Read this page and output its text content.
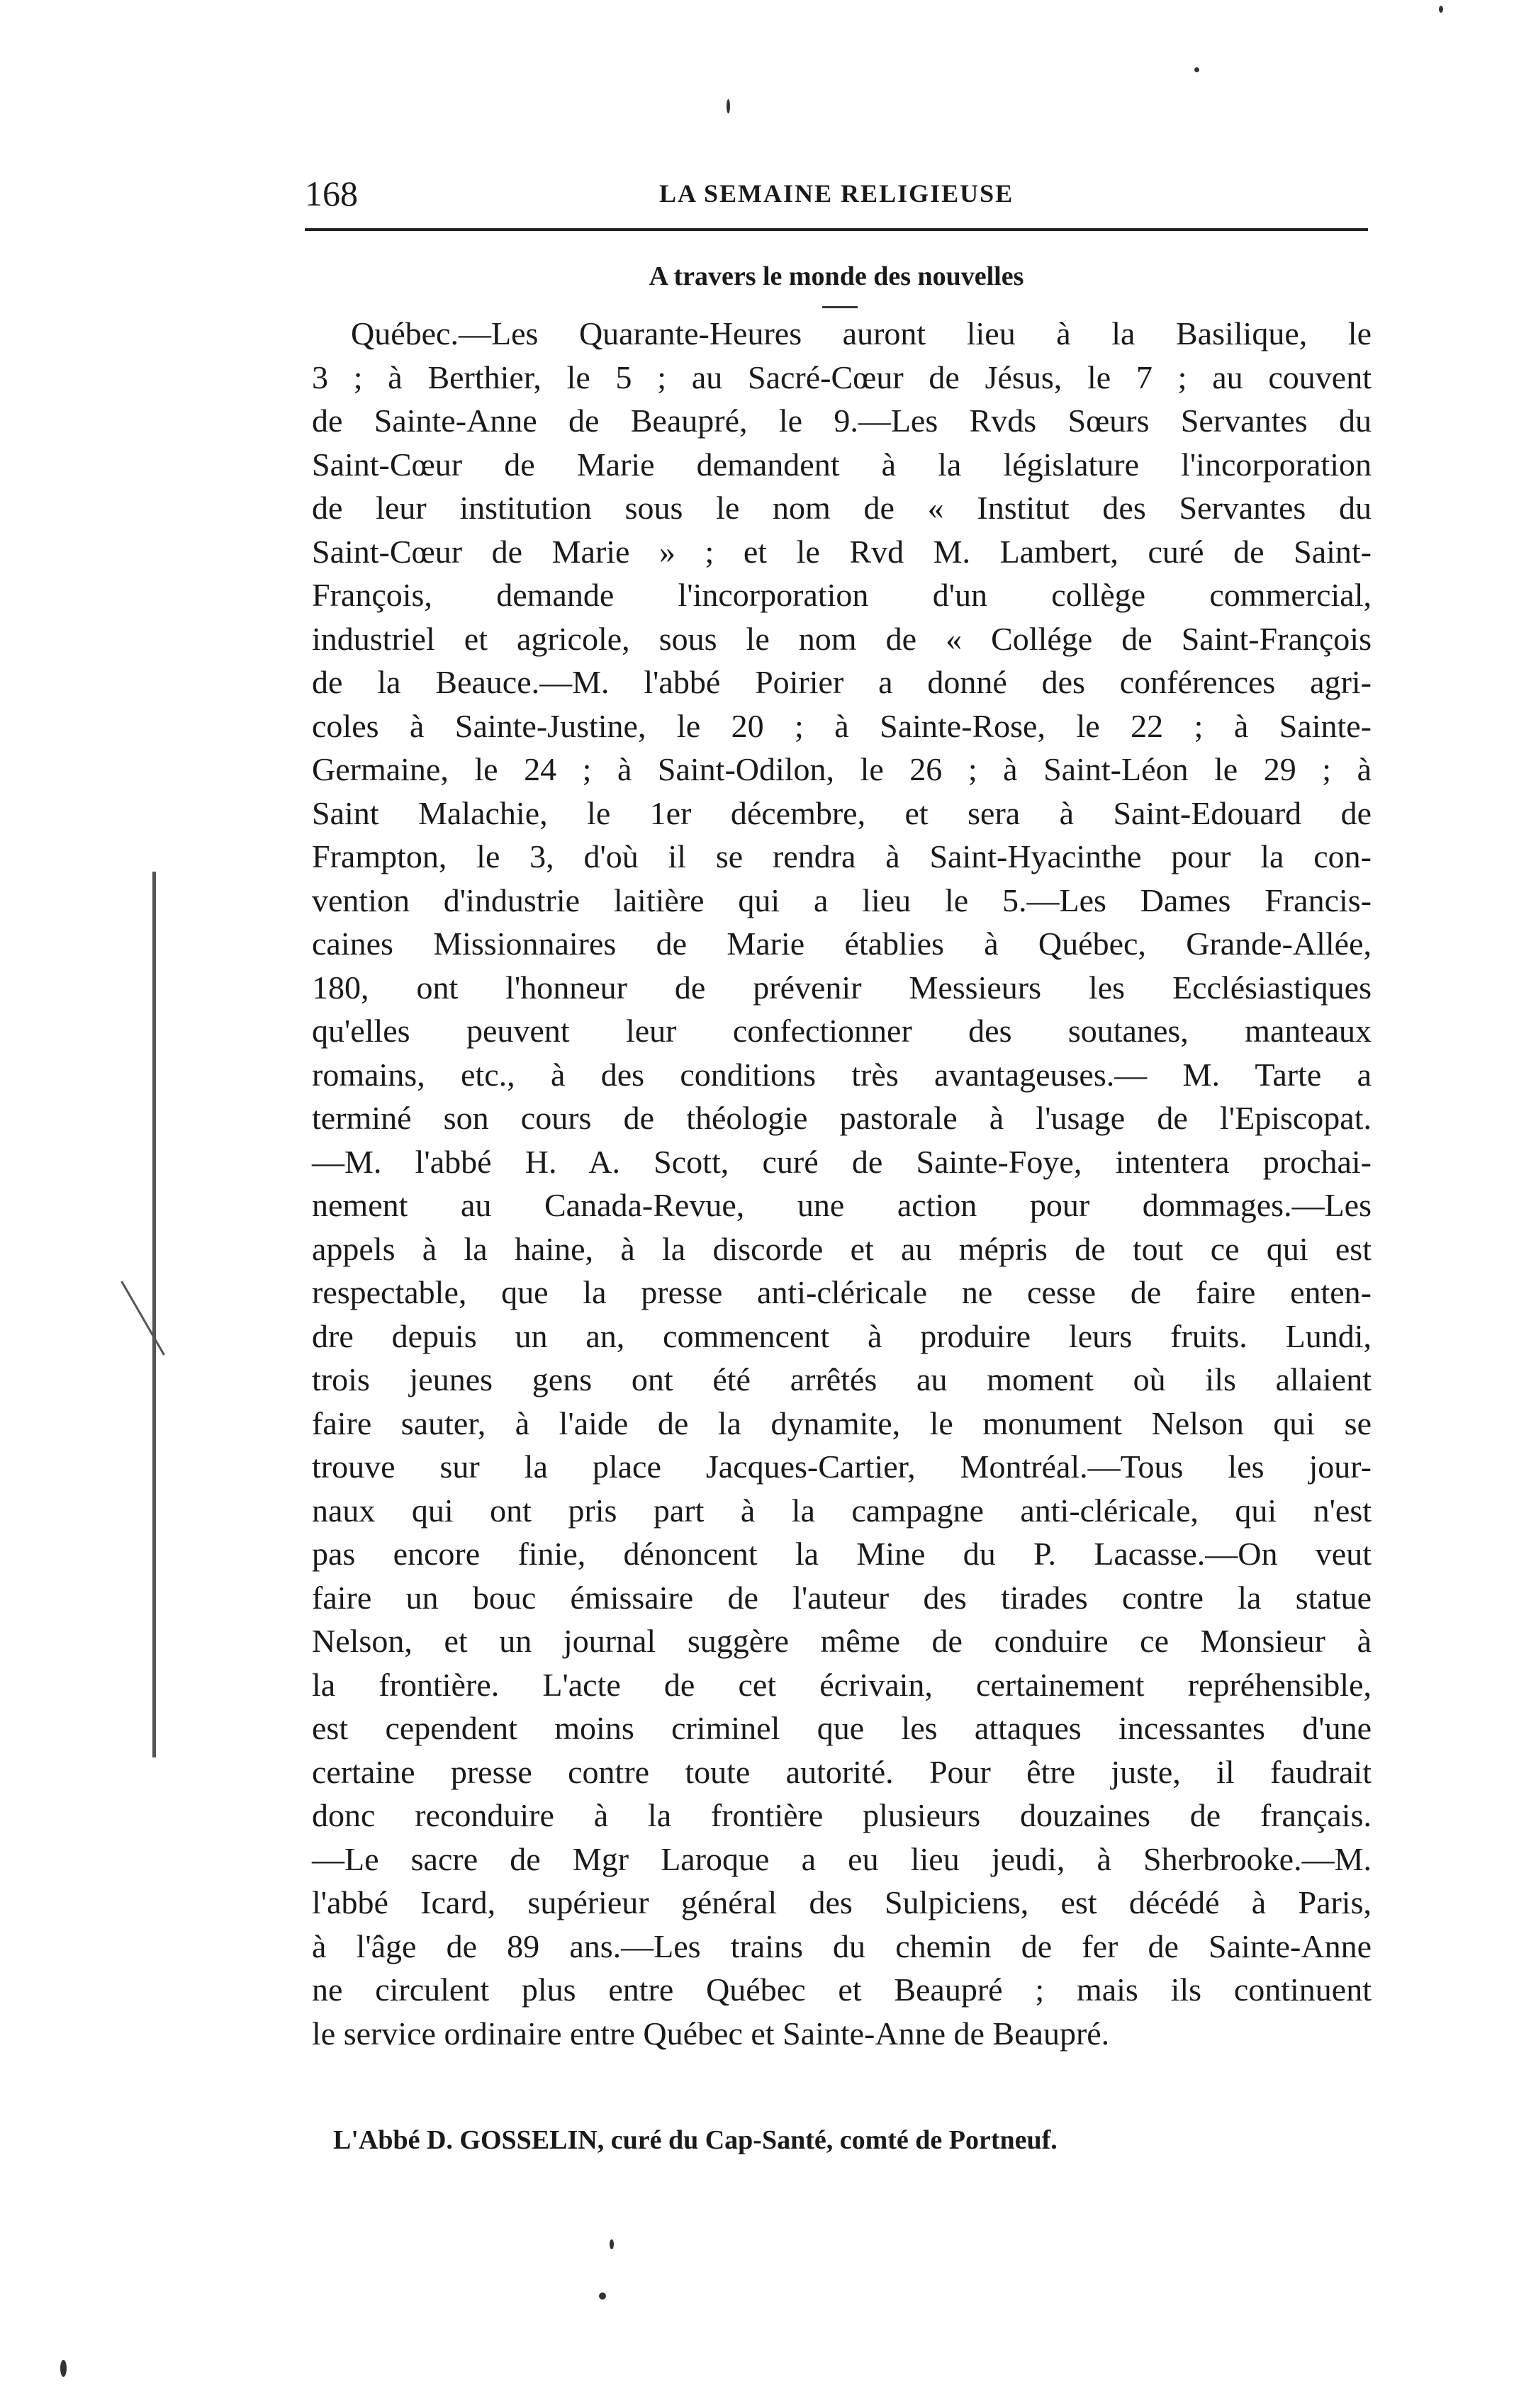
168	LA SEMAINE RELIGIEUSE
A travers le monde des nouvelles
Québec.—Les Quarante-Heures auront lieu à la Basilique, le
3 ; à Berthier, le 5 ; au Sacré-Cœur de Jésus, le 7 ; au couvent
de Sainte-Anne de Beaupré, le 9.—Les Rvds Sœurs Servantes du
Saint-Cœur de Marie demandent à la législature l'incorporation
de leur institution sous le nom de « Institut des Servantes du
Saint-Cœur de Marie » ; et le Rvd M. Lambert, curé de Saint-
François, demande l'incorporation d'un collège commercial,
industriel et agricole, sous le nom de « Collége de Saint-François
de la Beauce.—M. l'abbé Poirier a donné des conférences agri-
coles à Sainte-Justine, le 20 ; à Sainte-Rose, le 22 ; à Sainte-
Germaine, le 24 ; à Saint-Odilon, le 26 ; à Saint-Léon le 29 ; à
Saint Malachie, le 1er décembre, et sera à Saint-Edouard de
Frampton, le 3, d'où il se rendra à Saint-Hyacinthe pour la con-
vention d'industrie laitière qui a lieu le 5.—Les Dames Francis-
caines Missionnaires de Marie établies à Québec, Grande-Allée,
180, ont l'honneur de prévenir Messieurs les Ecclésiastiques
qu'elles peuvent leur confectionner des soutanes, manteaux
romains, etc., à des conditions très avantageuses.— M. Tarte a
terminé son cours de théologie pastorale à l'usage de l'Episcopat.
—M. l'abbé H. A. Scott, curé de Sainte-Foye, intentera prochai-
nement au Canada-Revue, une action pour dommages.—Les
appels à la haine, à la discorde et au mépris de tout ce qui est
respectable, que la presse anti-cléricale ne cesse de faire enten-
dre depuis un an, commencent à produire leurs fruits. Lundi,
trois jeunes gens ont été arrêtés au moment où ils allaient
faire sauter, à l'aide de la dynamite, le monument Nelson qui se
trouve sur la place Jacques-Cartier, Montréal.—Tous les jour-
naux qui ont pris part à la campagne anti-cléricale, qui n'est
pas encore finie, dénoncent la Mine du P. Lacasse.—On veut
faire un bouc émissaire de l'auteur des tirades contre la statue
Nelson, et un journal suggère même de conduire ce Monsieur à
la frontière. L'acte de cet écrivain, certainement repréhensible,
est cependent moins criminel que les attaques incessantes d'une
certaine presse contre toute autorité. Pour être juste, il faudrait
donc reconduire à la frontière plusieurs douzaines de français.
—Le sacre de Mgr Laroque a eu lieu jeudi, à Sherbrooke.—M.
l'abbé Icard, supérieur général des Sulpiciens, est décédé à Paris,
à l'âge de 89 ans.—Les trains du chemin de fer de Sainte-Anne
ne circulent plus entre Québec et Beaupré ; mais ils continuent
le service ordinaire entre Québec et Sainte-Anne de Beaupré.
L'Abbé D. GOSSELIN, curé du Cap-Santé, comté de Portneuf.
